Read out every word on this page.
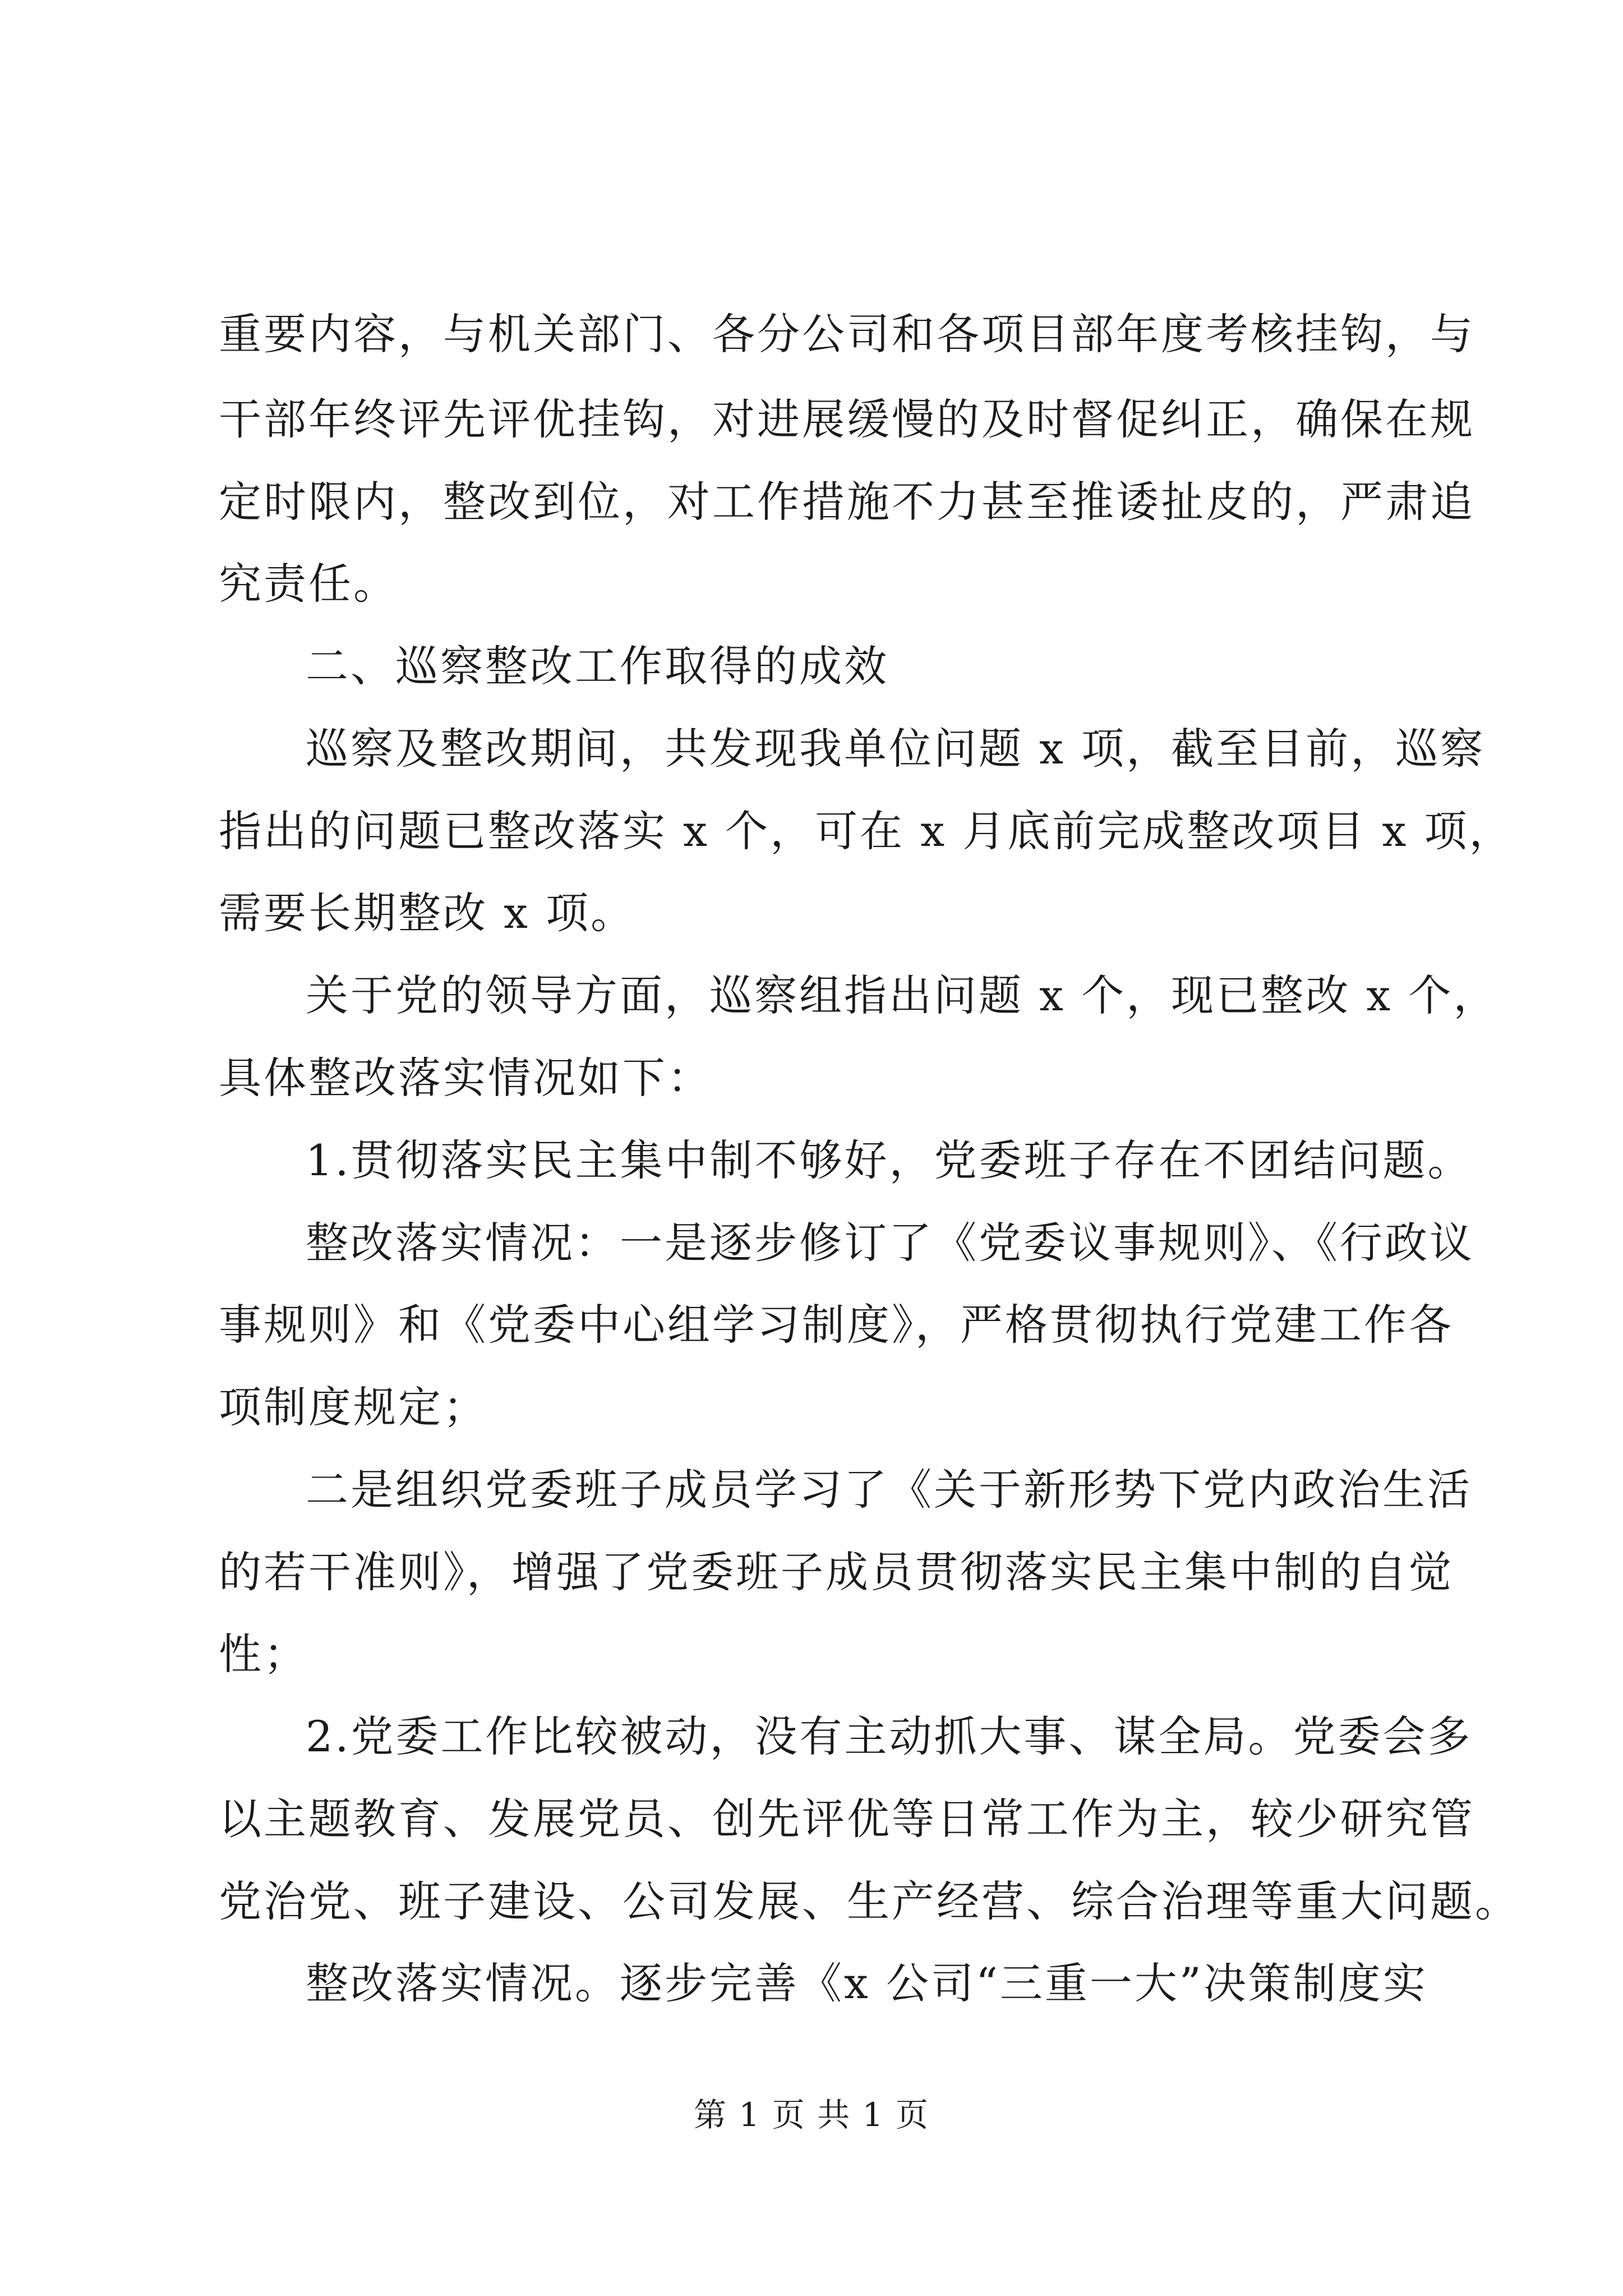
重要内容，与机关部门、各分公司和各项目部年度考核挂钩，与
干部年终评先评优挂钩，对进展缓慢的及时督促纠正，确保在规
定时限内，整改到位，对工作措施不力甚至推诿扯皮的，严肃追
究责任。
二、巡察整改工作取得的成效
巡察及整改期间，共发现我单位问题 x 项，截至目前，巡察
指出的问题已整改落实 x 个，可在 x 月底前完成整改项目 x 项，
需要长期整改 x 项。
关于党的领导方面，巡察组指出问题 x 个，现已整改 x 个，
具体整改落实情况如下：
1.贯彻落实民主集中制不够好，党委班子存在不团结问题。
整改落实情况：一是逐步修订了《党委议事规则》、《行政议
事规则》和《党委中心组学习制度》，严格贯彻执行党建工作各
项制度规定；
二是组织党委班子成员学习了《关于新形势下党内政治生活
的若干准则》，增强了党委班子成员贯彻落实民主集中制的自觉
性；
2.党委工作比较被动，没有主动抓大事、谋全局。党委会多
以主题教育、发展党员、创先评优等日常工作为主，较少研究管
党治党、班子建设、公司发展、生产经营、综合治理等重大问题。
整改落实情况。逐步完善《x 公司“三重一大”决策制度实
第 1 页 共 1 页
